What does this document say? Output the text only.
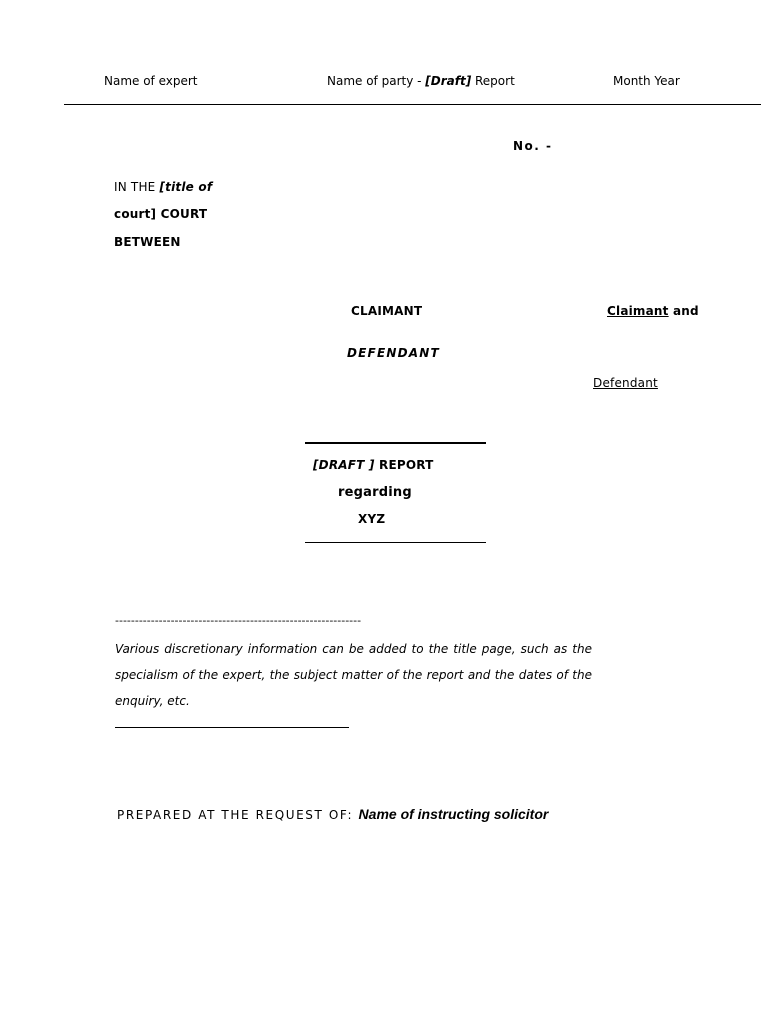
Name of expert	Name of party - [Draft] Report	Month Year
No. -
IN THE [title of
court] COURT
BETWEEN
CLAIMANT	Claimant and
DEFENDANT
Defendant
[DRAFT ] REPORT
regarding
XYZ
--------------------------------------------------------------
Various discretionary information can be added to the title page, such as the specialism of the expert, the subject matter of the report and the dates of the enquiry, etc.
PREPARED AT THE REQUEST OF: Name of instructing solicitor
